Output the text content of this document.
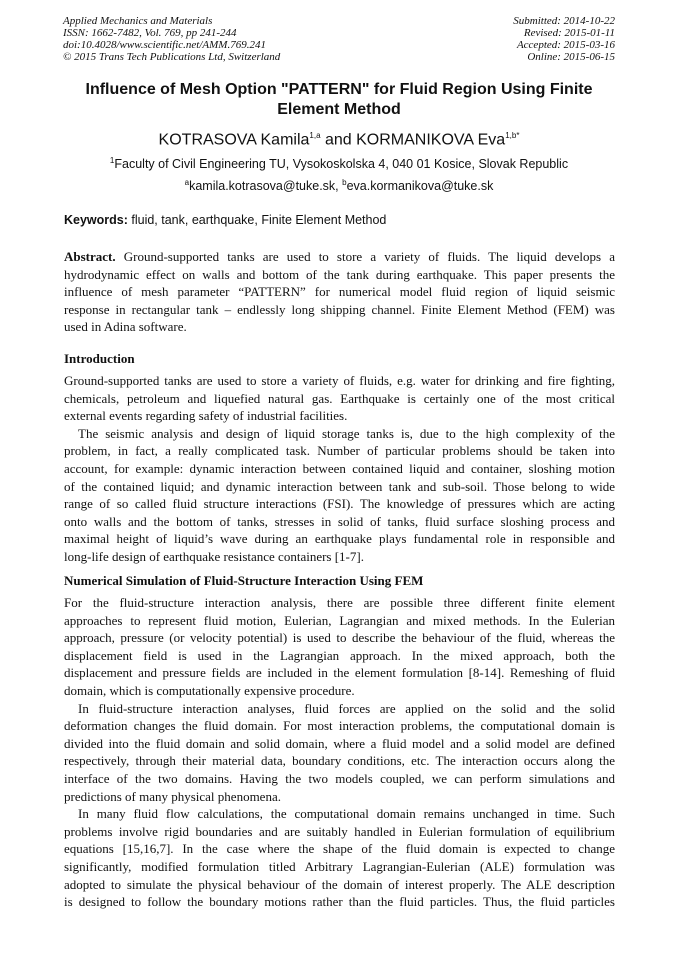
Applied Mechanics and Materials
ISSN: 1662-7482, Vol. 769, pp 241-244
doi:10.4028/www.scientific.net/AMM.769.241
© 2015 Trans Tech Publications Ltd, Switzerland
Submitted: 2014-10-22
Revised: 2015-01-11
Accepted: 2015-03-16
Online: 2015-06-15
Influence of Mesh Option "PATTERN" for Fluid Region Using Finite Element Method
KOTRASOVA Kamila$^{1,a}$ and KORMANIKOVA Eva$^{1,b*}$
$^1$Faculty of Civil Engineering TU, Vysokoskolska 4, 040 01 Kosice, Slovak Republic
$^a$kamila.kotrasova@tuke.sk, $^b$eva.kormanikova@tuke.sk
Keywords: fluid, tank, earthquake, Finite Element Method
Abstract. Ground-supported tanks are used to store a variety of fluids. The liquid develops a
hydrodynamic effect on walls and bottom of the tank during earthquake. This paper presents the
influence of mesh parameter “PATTERN” for numerical model fluid region of liquid seismic
response in rectangular tank – endlessly long shipping channel. Finite Element Method (FEM) was
used in Adina software.
Introduction
Ground-supported tanks are used to store a variety of fluids, e.g. water for drinking and fire fighting,
chemicals, petroleum and liquefied natural gas. Earthquake is certainly one of the most critical
external events regarding safety of industrial facilities.
The seismic analysis and design of liquid storage tanks is, due to the high complexity of the
problem, in fact, a really complicated task. Number of particular problems should be taken into
account, for example: dynamic interaction between contained liquid and container, sloshing motion
of the contained liquid; and dynamic interaction between tank and sub-soil. Those belong to wide
range of so called fluid structure interactions (FSI). The knowledge of pressures which are acting
onto walls and the bottom of tanks, stresses in solid of tanks, fluid surface sloshing process and
maximal height of liquid’s wave during an earthquake plays fundamental role in responsible and
long-life design of earthquake resistance containers [1-7].
Numerical Simulation of Fluid-Structure Interaction Using FEM
For the fluid-structure interaction analysis, there are possible three different finite element
approaches to represent fluid motion, Eulerian, Lagrangian and mixed methods. In the Eulerian
approach, pressure (or velocity potential) is used to describe the behaviour of the fluid, whereas the
displacement field is used in the Lagrangian approach. In the mixed approach, both the
displacement and pressure fields are included in the element formulation [8-14]. Remeshing of fluid
domain, which is computationally expensive procedure.
In fluid-structure interaction analyses, fluid forces are applied on the solid and the solid
deformation changes the fluid domain. For most interaction problems, the computational domain is
divided into the fluid domain and solid domain, where a fluid model and a solid model are defined
respectively, through their material data, boundary conditions, etc. The interaction occurs along the
interface of the two domains. Having the two models coupled, we can perform simulations and
predictions of many physical phenomena.
In many fluid flow calculations, the computational domain remains unchanged in time. Such
problems involve rigid boundaries and are suitably handled in Eulerian formulation of equilibrium
equations [15,16,7]. In the case where the shape of the fluid domain is expected to change
significantly, modified formulation titled Arbitrary Lagrangian-Eulerian (ALE) formulation was
adopted to simulate the physical behaviour of the domain of interest properly. The ALE description
is designed to follow the boundary motions rather than the fluid particles. Thus, the fluid particles
